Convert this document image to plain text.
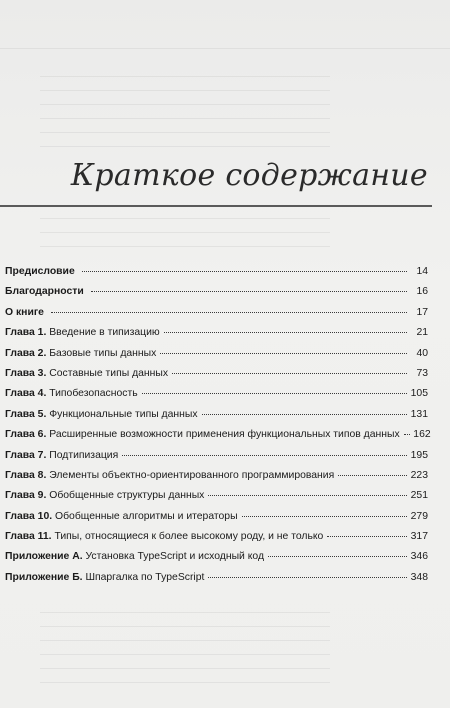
Краткое содержание
Предисловие	14
Благодарности	16
О книге	17
Глава 1. Введение в типизацию	21
Глава 2. Базовые типы данных	40
Глава 3. Составные типы данных	73
Глава 4. Типобезопасность	105
Глава 5. Функциональные типы данных	131
Глава 6. Расширенные возможности применения функциональных типов данных 162
Глава 7. Подтипизация	195
Глава 8. Элементы объектно-ориентированного программирования	223
Глава 9. Обобщенные структуры данных	251
Глава 10. Обобщенные алгоритмы и итераторы	279
Глава 11. Типы, относящиеся к более высокому роду, и не только	317
Приложение А. Установка TypeScript и исходный код	346
Приложение Б. Шпаргалка по TypeScript	348
